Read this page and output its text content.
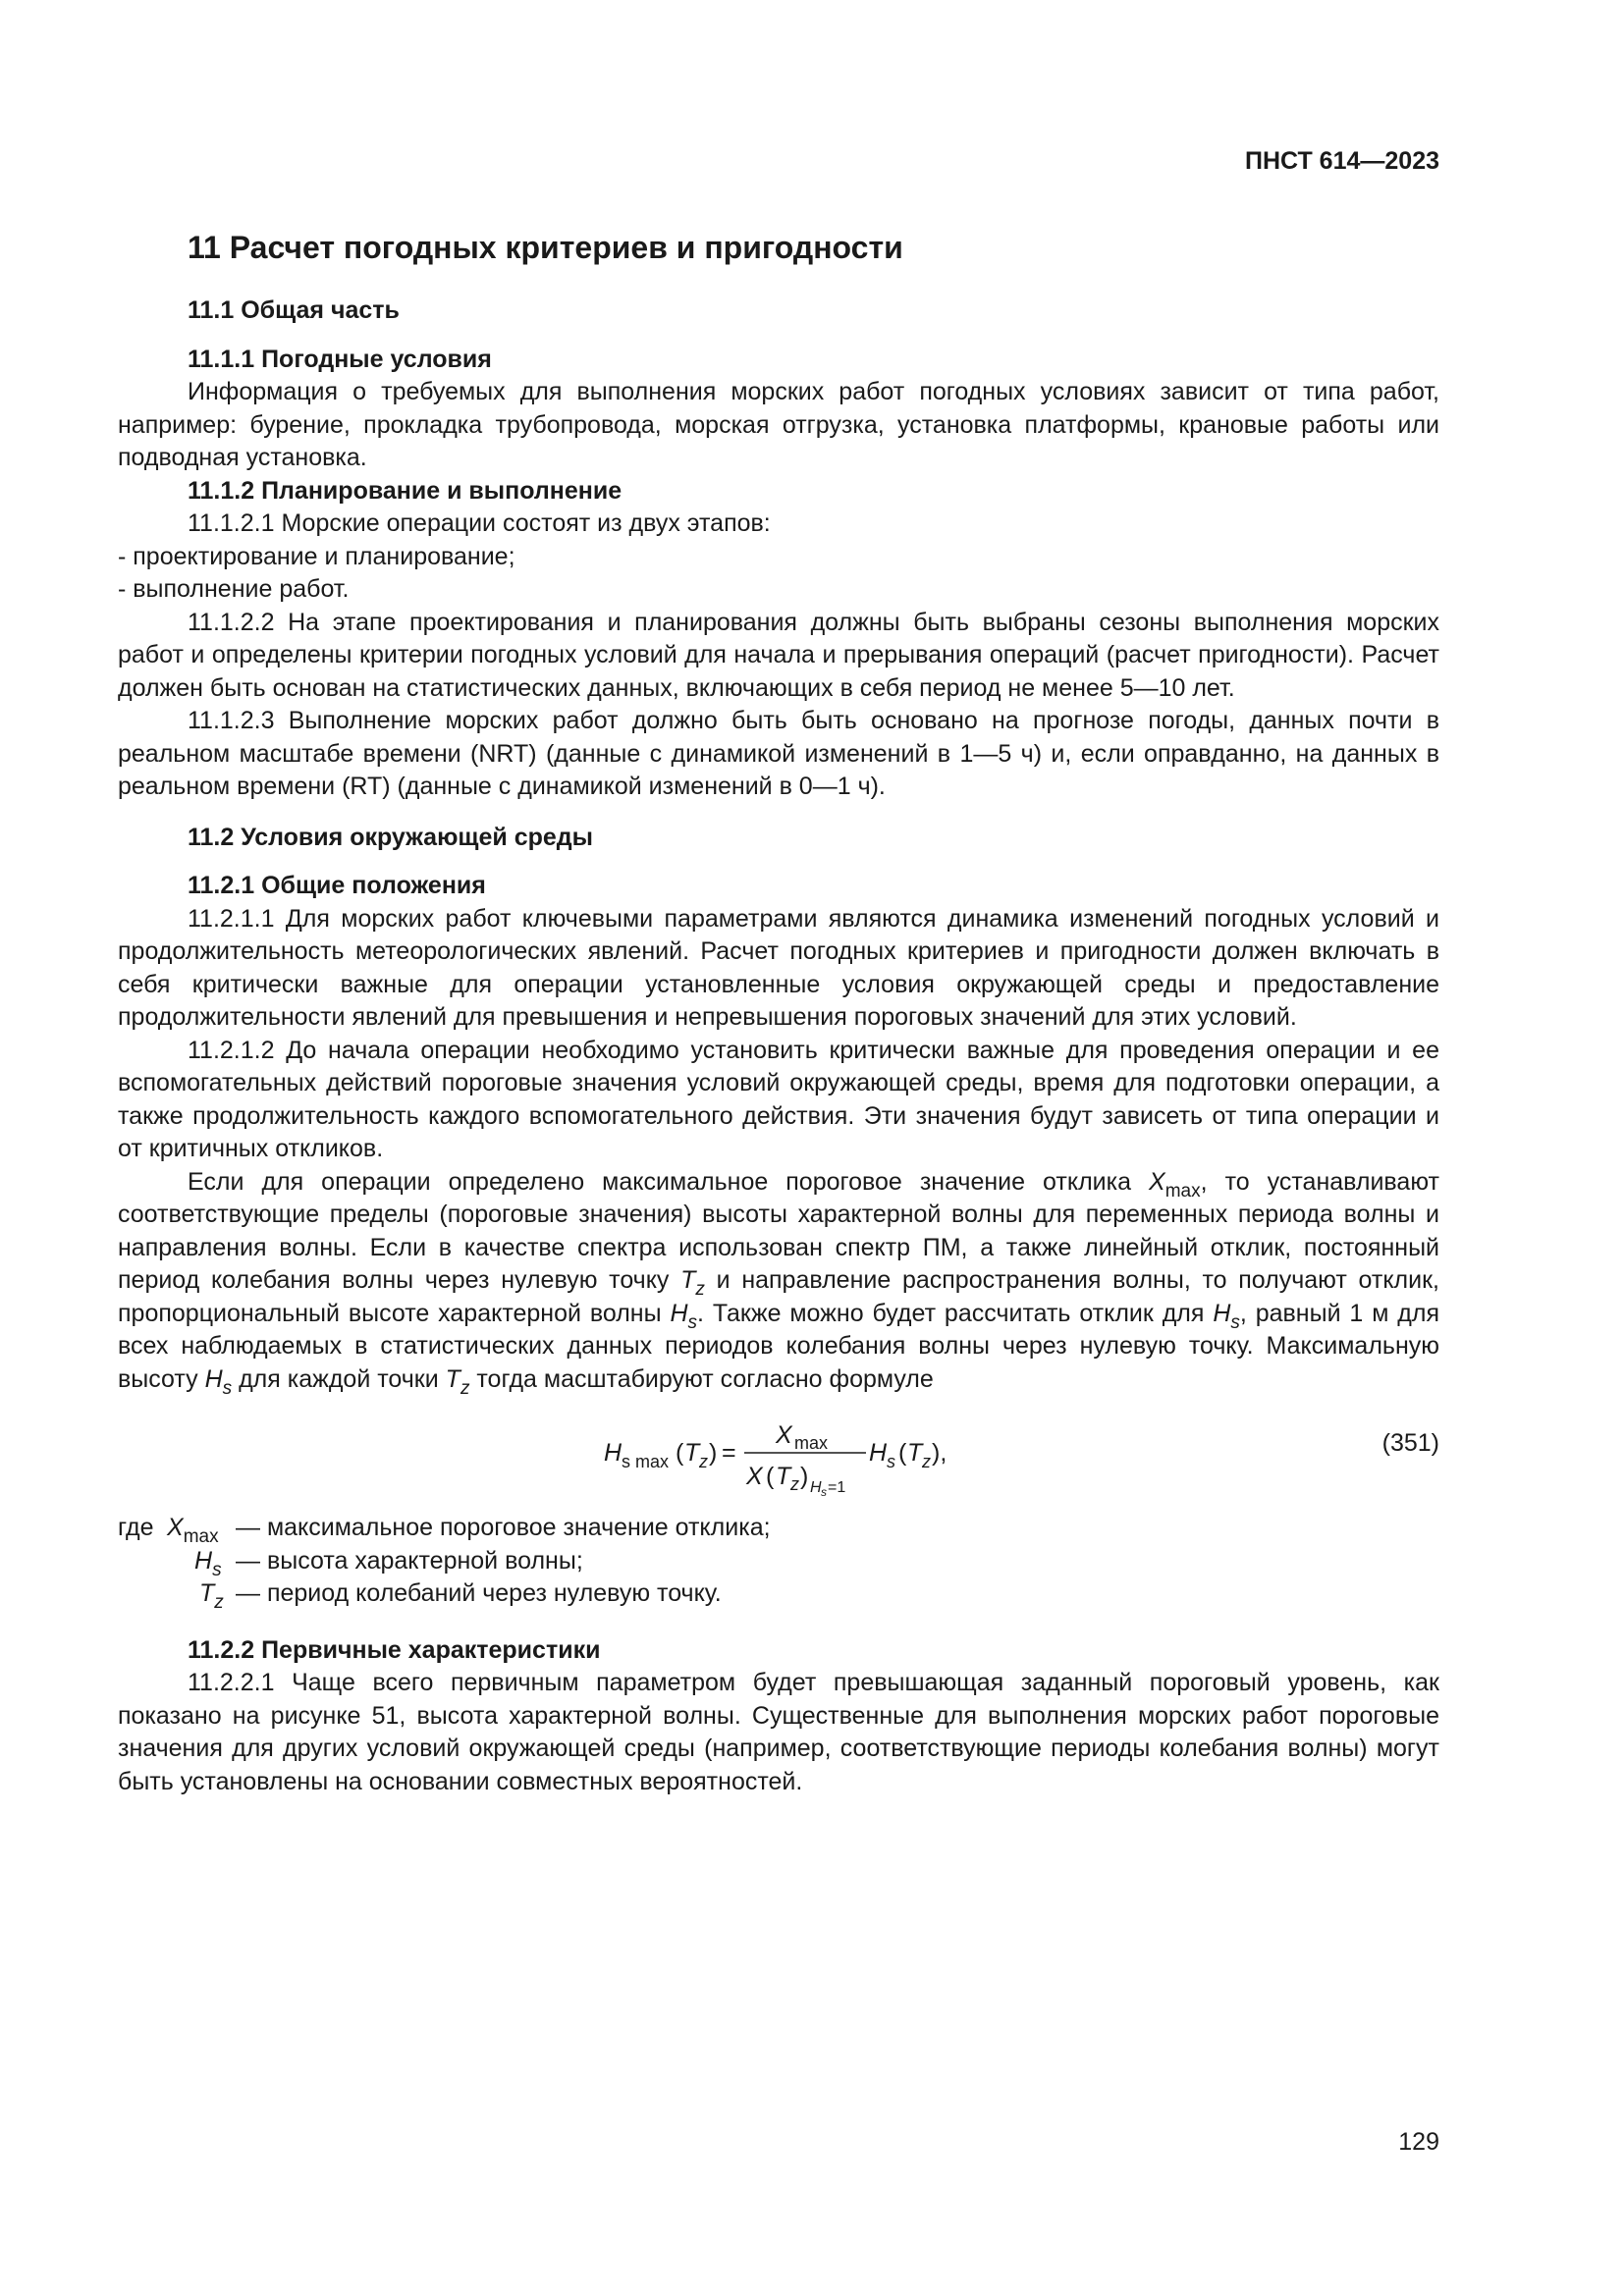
ПНСТ 614—2023
11 Расчет погодных критериев и пригодности
11.1 Общая часть
11.1.1 Погодные условия

Информация о требуемых для выполнения морских работ погодных условиях зависит от типа работ, например: бурение, прокладка трубопровода, морская отгрузка, установка платформы, крановые работы или подводная установка.

11.1.2 Планирование и выполнение

11.1.2.1 Морские операции состоят из двух этапов:

- проектирование и планирование;

- выполнение работ.

11.1.2.2 На этапе проектирования и планирования должны быть выбраны сезоны выполнения морских работ и определены критерии погодных условий для начала и прерывания операций (расчет пригодности). Расчет должен быть основан на статистических данных, включающих в себя период не менее 5—10 лет.

11.1.2.3 Выполнение морских работ должно быть быть основано на прогнозе погоды, данных почти в реальном масштабе времени (NRT) (данные с динамикой изменений в 1—5 ч) и, если оправданно, на данных в реальном времени (RT) (данные с динамикой изменений в 0—1 ч).

11.2 Условия окружающей среды
11.2.1 Общие положения

11.2.1.1 Для морских работ ключевыми параметрами являются динамика изменений погодных условий и продолжительность метеорологических явлений. Расчет погодных критериев и пригодности должен включать в себя критически важные для операции установленные условия окружающей среды и предоставление продолжительности явлений для превышения и непревышения пороговых значений для этих условий.

11.2.1.2 До начала операции необходимо установить критически важные для проведения операции и ее вспомогательных действий пороговые значения условий окружающей среды, время для подготовки операции, а также продолжительность каждого вспомогательного действия. Эти значения будут зависеть от типа операции и от критичных откликов.

Если для операции определено максимальное пороговое значение отклика $X_{max}$, то устанавливают соответствующие пределы (пороговые значения) высоты характерной волны для переменных периода волны и направления волны. Если в качестве спектра использован спектр ПМ, а также линейный отклик, постоянный период колебания волны через нулевую точку $T_z$ и направление распространения волны, то получают отклик, пропорциональный высоте характерной волны $H_s$. Также можно будет рассчитать отклик для $H_s$, равный 1 м для всех наблюдаемых в статистических данных периодов колебания волны через нулевую точку. Максимальную высоту $H_s$ для каждой точки $T_z$ тогда масштабируют согласно формуле

H s max ( T z ) =
X max
X ( T z ) H s =1
H s ( T z ),	(351)
где $X_{max}$ — максимальное пороговое значение отклика;
$H_s$ — высота характерной волны;
$T_z$ — период колебаний через нулевую точку.
11.2.2 Первичные характеристики

11.2.2.1 Чаще всего первичным параметром будет превышающая заданный пороговый уровень, как показано на рисунке 51, высота характерной волны. Существенные для выполнения морских работ пороговые значения для других условий окружающей среды (например, соответствующие периоды колебания волны) могут быть установлены на основании совместных вероятностей.

129
